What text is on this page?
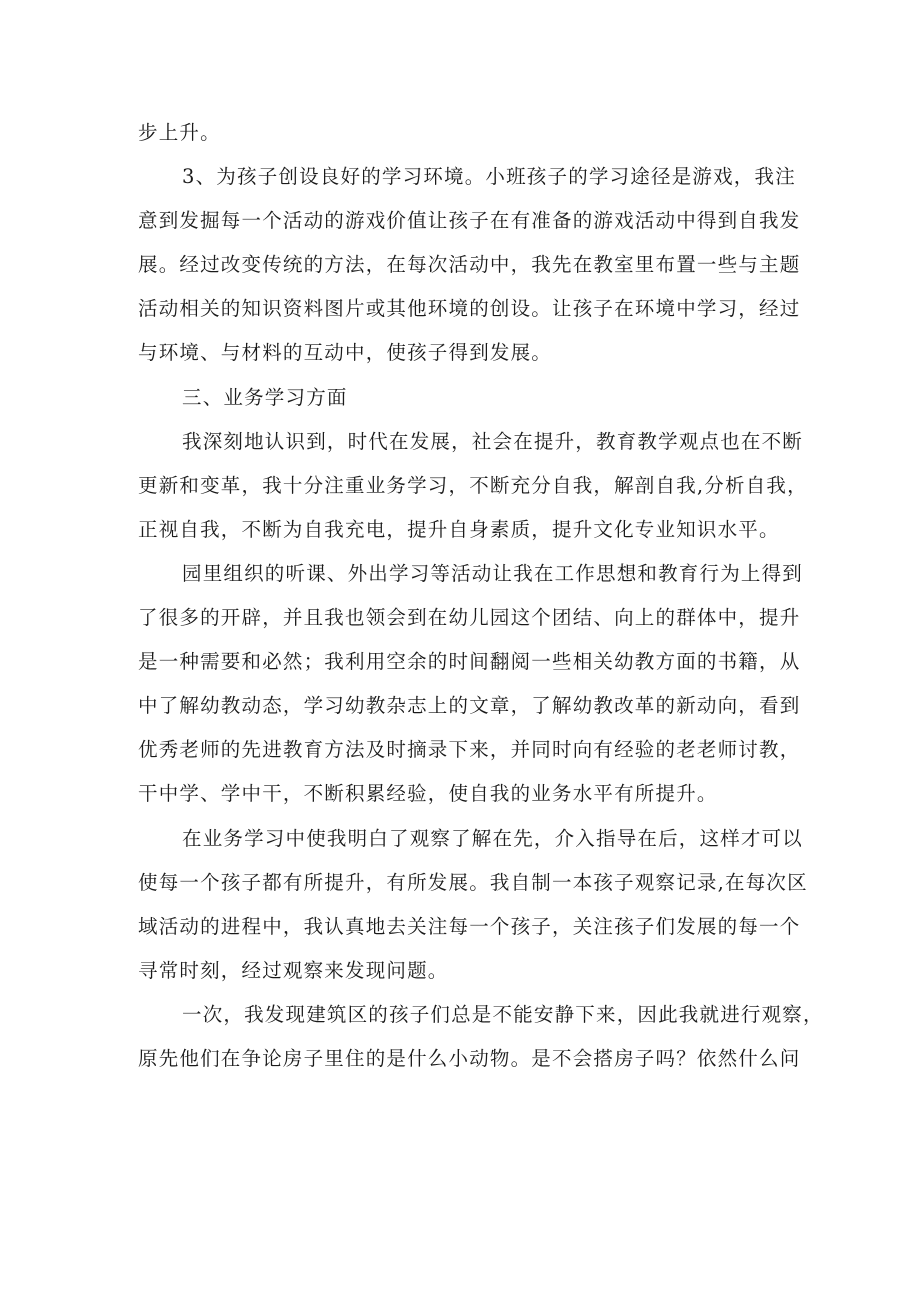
步上升。
3、为孩子创设良好的学习环境。小班孩子的学习途径是游戏，我注
意到发掘每一个活动的游戏价值让孩子在有准备的游戏活动中得到自我发
展。经过改变传统的方法，在每次活动中，我先在教室里布置一些与主题
活动相关的知识资料图片或其他环境的创设。让孩子在环境中学习，经过
与环境、与材料的互动中，使孩子得到发展。
三、业务学习方面
我深刻地认识到，时代在发展，社会在提升，教育教学观点也在不断
更新和变革，我十分注重业务学习，不断充分自我，解剖自我,分析自我，
正视自我，不断为自我充电，提升自身素质，提升文化专业知识水平。
园里组织的听课、外出学习等活动让我在工作思想和教育行为上得到
了很多的开辟，并且我也领会到在幼儿园这个团结、向上的群体中，提升
是一种需要和必然；我利用空余的时间翻阅一些相关幼教方面的书籍，从
中了解幼教动态，学习幼教杂志上的文章，了解幼教改革的新动向，看到
优秀老师的先进教育方法及时摘录下来，并同时向有经验的老老师讨教，
干中学、学中干，不断积累经验，使自我的业务水平有所提升。
在业务学习中使我明白了观察了解在先，介入指导在后，这样才可以
使每一个孩子都有所提升，有所发展。我自制一本孩子观察记录,在每次区
域活动的进程中，我认真地去关注每一个孩子，关注孩子们发展的每一个
寻常时刻，经过观察来发现问题。
一次，我发现建筑区的孩子们总是不能安静下来，因此我就进行观察，
原先他们在争论房子里住的是什么小动物。是不会搭房子吗？依然什么问
